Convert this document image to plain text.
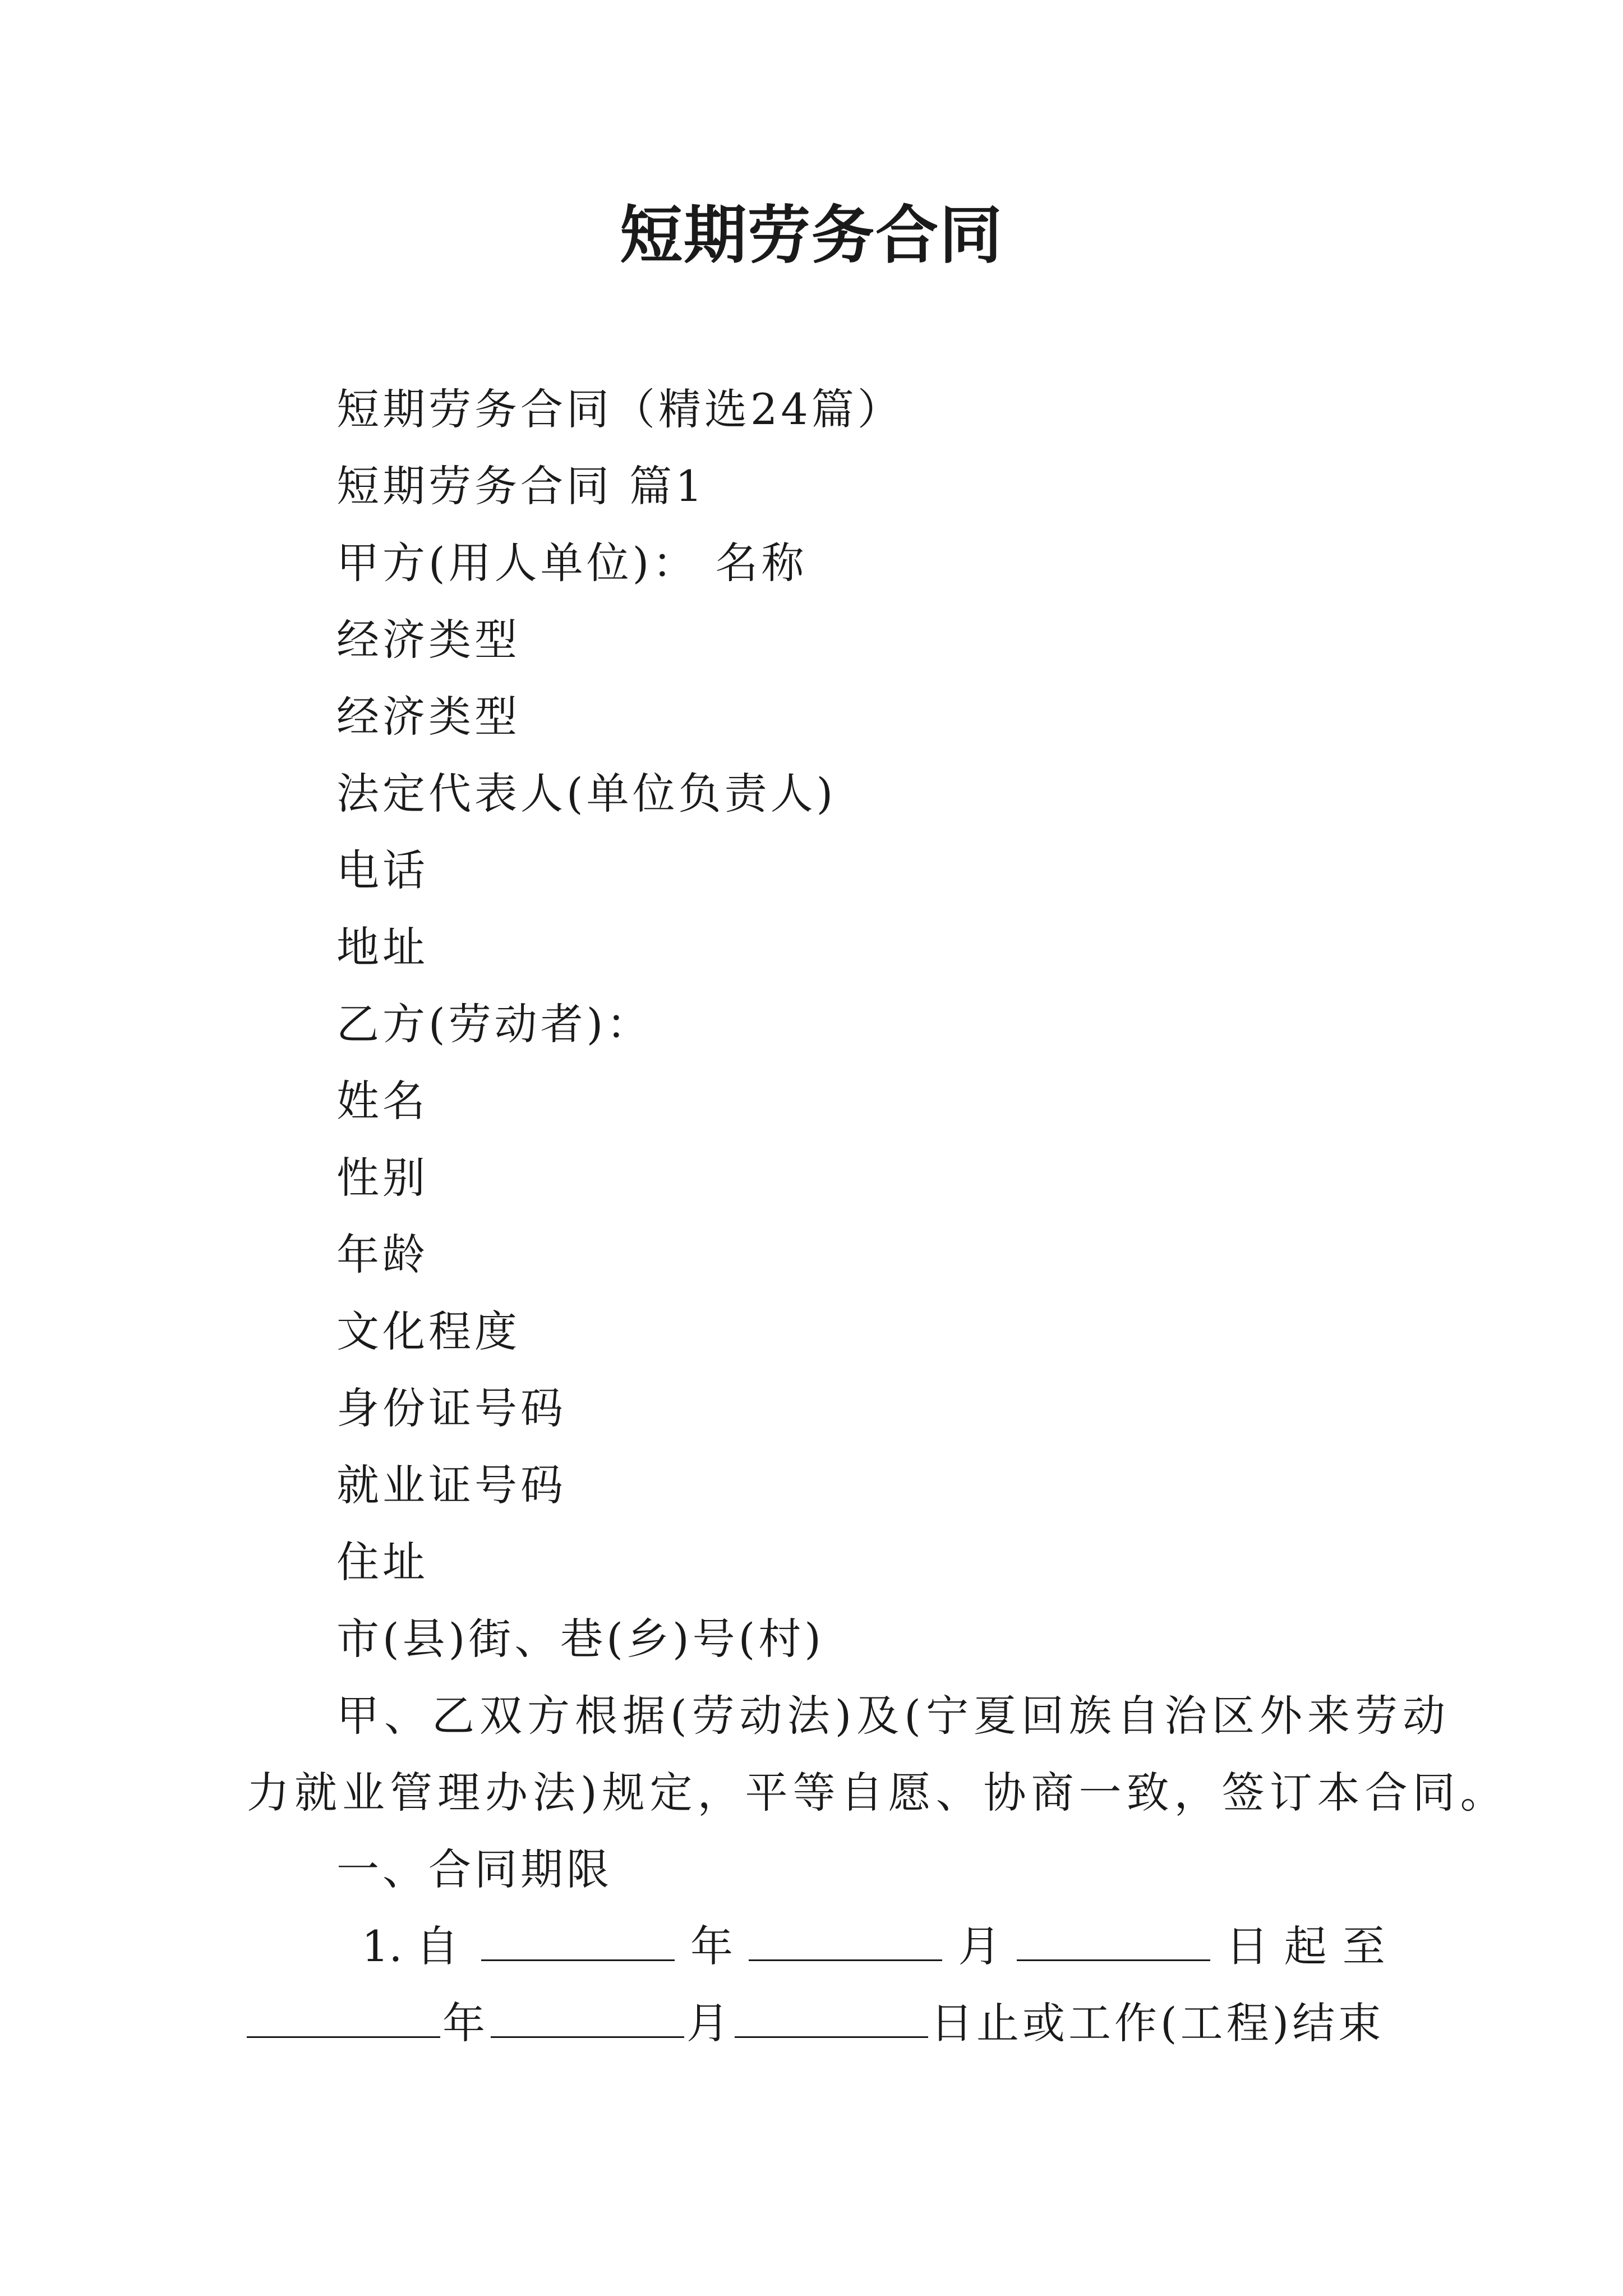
短期劳务合同
短期劳务合同（精选24篇）
短期劳务合同 篇1
甲方(用人单位)： 名称
经济类型
经济类型
法定代表人(单位负责人)
电话
地址
乙方(劳动者)：
姓名
性别
年龄
文化程度
身份证号码
就业证号码
住址
市(县)街、巷(乡)号(村)
甲、乙双方根据(劳动法)及(宁夏回族自治区外来劳动
力就业管理办法)规定，平等自愿、协商一致，签订本合同。
一、合同期限
1. 自	年	月	日起至
年	月	日止或工作(工程)结束
